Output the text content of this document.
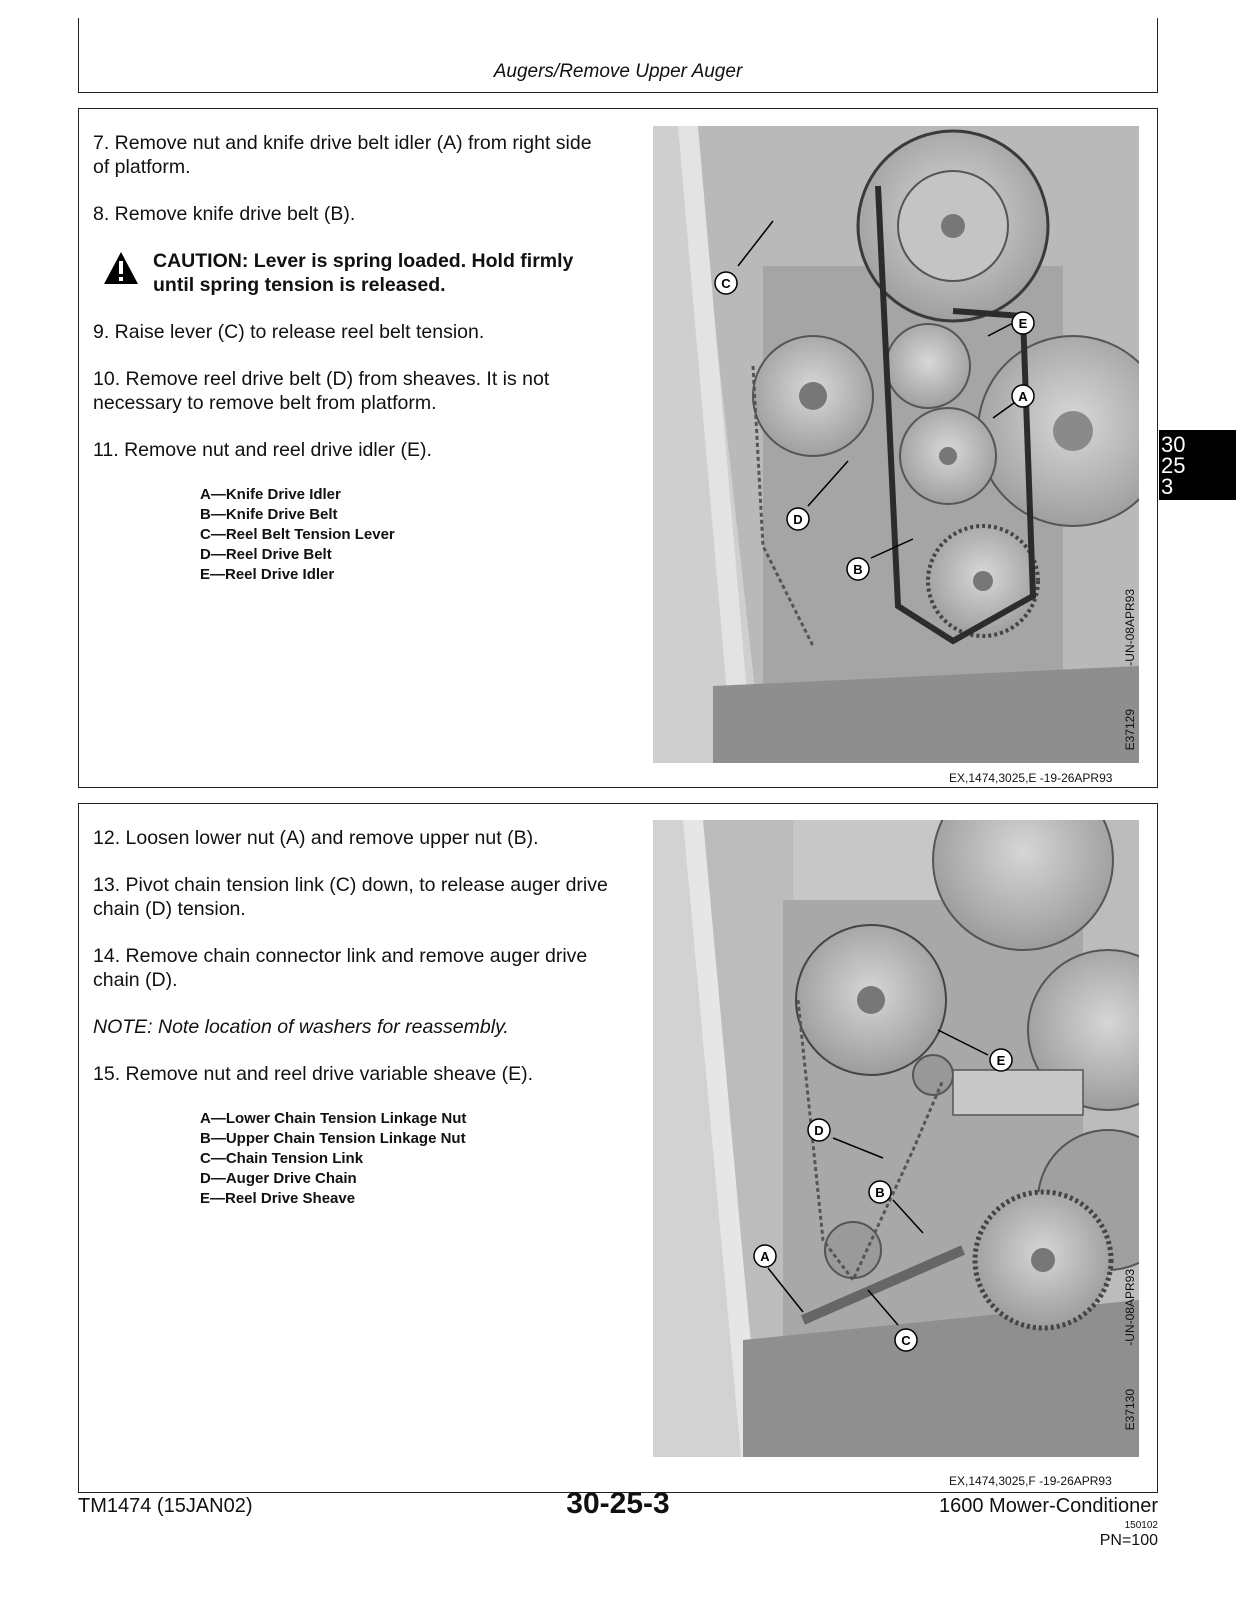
Augers/Remove Upper Auger

7. Remove nut and knife drive belt idler (A) from right side of platform.

8. Remove knife drive belt (B).

CAUTION: Lever is spring loaded. Hold firmly until spring tension is released.

9. Raise lever (C) to release reel belt tension.

10. Remove reel drive belt (D) from sheaves. It is not necessary to remove belt from platform.

11. Remove nut and reel drive idler (E).

A—Knife Drive Idler
B—Knife Drive Belt
C—Reel Belt Tension Lever
D—Reel Drive Belt
E—Reel Drive Idler
C
E
A
D
B
E37129
-UN-08APR93
EX,1474,3025,E -19-26APR93

12. Loosen lower nut (A) and remove upper nut (B).

13. Pivot chain tension link (C) down, to release auger drive chain (D) tension.

14. Remove chain connector link and remove auger drive chain (D).

NOTE: Note location of washers for reassembly.

15. Remove nut and reel drive variable sheave (E).

A—Lower Chain Tension Linkage Nut
B—Upper Chain Tension Linkage Nut
C—Chain Tension Link
D—Auger Drive Chain
E—Reel Drive Sheave
A
B
C
D
E
E37130
-UN-08APR93
EX,1474,3025,F -19-26APR93
30
25
3
TM1474 (15JAN02)	30-25-3	1600 Mower-Conditioner
150102
PN=100
